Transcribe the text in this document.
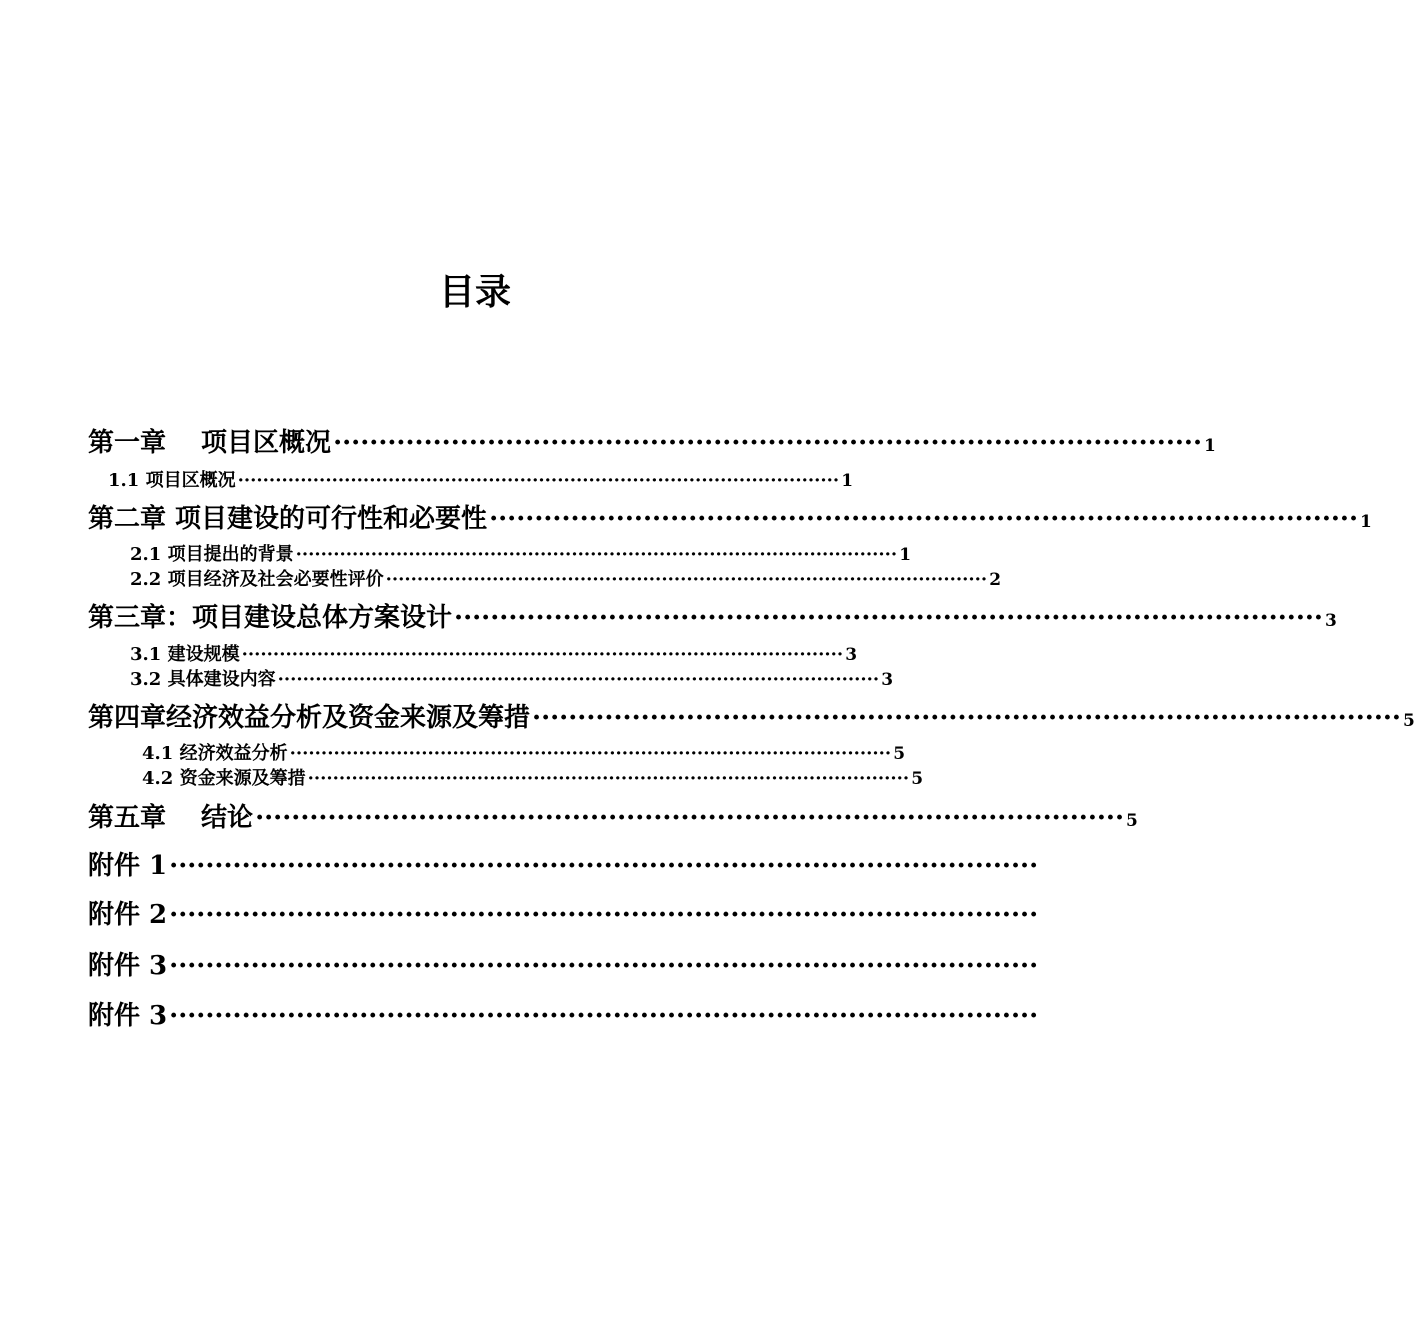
目录
第一章　 项目区概况 ································································································ 1
1.1 项目区概况 ································································································ 1
第二章 项目建设的可行性和必要性 ································································································ 1
2.1 项目提出的背景 ································································································ 1
2.2 项目经济及社会必要性评价 ································································································ 2
第三章：项目建设总体方案设计 ································································································ 3
3.1 建设规模 ································································································ 3
3.2 具体建设内容 ································································································ 3
第四章经济效益分析及资金来源及筹措 ································································································ 5
4.1 经济效益分析 ································································································ 5
4.2 资金来源及筹措 ································································································ 5
第五章　 结论 ································································································ 5
附件 1 ································································································
附件 2 ································································································
附件 3 ································································································
附件 3 ································································································
